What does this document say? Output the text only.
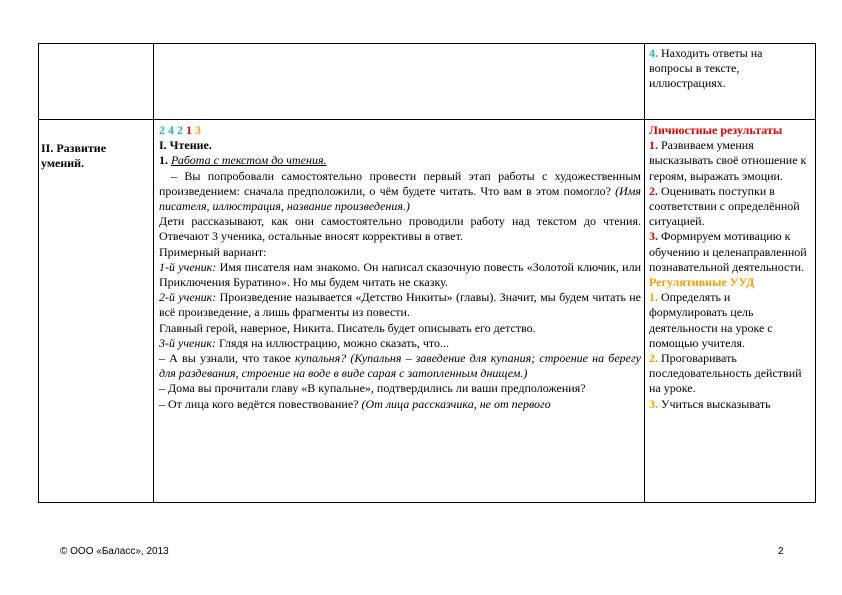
4. Находить ответы на вопросы в тексте, иллюстрациях.
II. Развитие умений.

2 4 2 1 3

I. Чтение.

1. Работа с текстом до чтения.

– Вы попробовали самостоятельно провести первый этап работы с художественным произведением: сначала предположили, о чём будете читать. Что вам в этом помогло? (Имя писателя, иллюстрация, название произведения.)

Дети рассказывают, как они самостоятельно проводили работу над текстом до чтения. Отвечают 3 ученика, остальные вносят коррективы в ответ.

Примерный вариант:

1-й ученик: Имя писателя нам знакомо. Он написал сказочную повесть «Золотой ключик, или Приключения Буратино». Но мы будем читать не сказку.

2-й ученик: Произведение называется «Детство Никиты» (главы). Значит, мы будем читать не всё произведение, а лишь фрагменты из повести.

Главный герой, наверное, Никита. Писатель будет описывать его детство.

3-й ученик: Глядя на иллюстрацию, можно сказать, что...

– А вы узнали, что такое купальня? (Купальня – заведение для купания; строение на берегу для раздевания, строение на воде в виде сарая с затопленным днищем.)

– Дома вы прочитали главу «В купальне», подтвердились ли ваши предположения?

– От лица кого ведётся повествование? (От лица рассказчика, не от первого

Личностные результаты

1. Развиваем умения высказывать своё отношение к героям, выражать эмоции.

2. Оценивать поступки в соответствии с определённой ситуацией.

3. Формируем мотивацию к обучению и целенаправленной познавательной деятельности.

Регулятивные УУД

1. Определять и формулировать цель деятельности на уроке с помощью учителя.

2. Проговаривать последовательность действий на уроке.

3. Учиться высказывать

© ООО «Баласс», 2013	2
